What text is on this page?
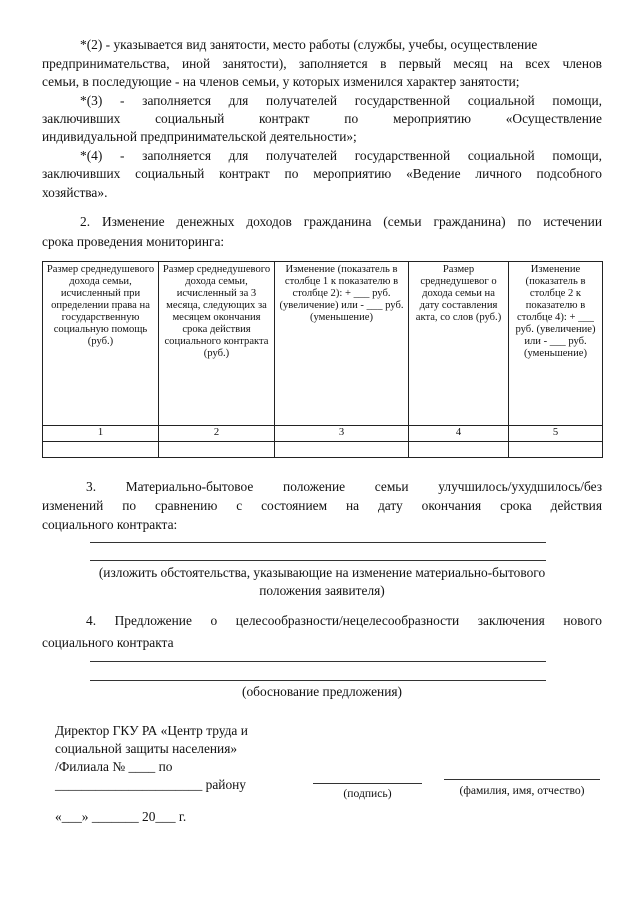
*(2) - указывается вид занятости, место работы (службы, учебы, осуществление
предпринимательства, иной занятости), заполняется в первый месяц на всех членов
семьи, в последующие - на членов семьи, у которых изменился характер занятости;
*(3) - заполняется для получателей государственной социальной помощи,
заключивших социальный контракт по мероприятию «Осуществление
индивидуальной предпринимательской деятельности»;
*(4) - заполняется для получателей государственной социальной помощи,
заключивших социальный контракт по мероприятию «Ведение личного подсобного
хозяйства».
2. Изменение денежных доходов гражданина (семьи гражданина) по истечении
срока проведения мониторинга:
Размер среднедушевого дохода семьи, исчисленный при определении права на государственную социальную помощь (руб.)	Размер среднедушевого дохода семьи, исчисленный за 3 месяца, следующих за месяцем окончания срока действия социального контракта (руб.)	Изменение (показатель в столбце 1 к показателю в столбце 2): + ___ руб. (увеличение) или - ___ руб. (уменьшение)	Размер среднедушевог о дохода семьи на дату составления акта, со слов (руб.)	Изменение (показатель в столбце 2 к показателю в столбце 4): + ___ руб. (увеличение) или - ___ руб. (уменьшение)
1	2	3	4	5

3. Материально-бытовое положение семьи улучшилось/ухудшилось/без
изменений по сравнению с состоянием на дату окончания срока действия
социального контракта:
(изложить обстоятельства, указывающие на изменение материально-бытового
положения заявителя)
4. Предложение о целесообразности/нецелесообразности заключения нового
социального контракта
(обоснование предложения)
Директор ГКУ РА «Центр труда и
социальной защиты населения»
/Филиала № ____ по
______________________ району
(подпись)	(фамилия, имя, отчество)
«___» _______ 20___ г.
